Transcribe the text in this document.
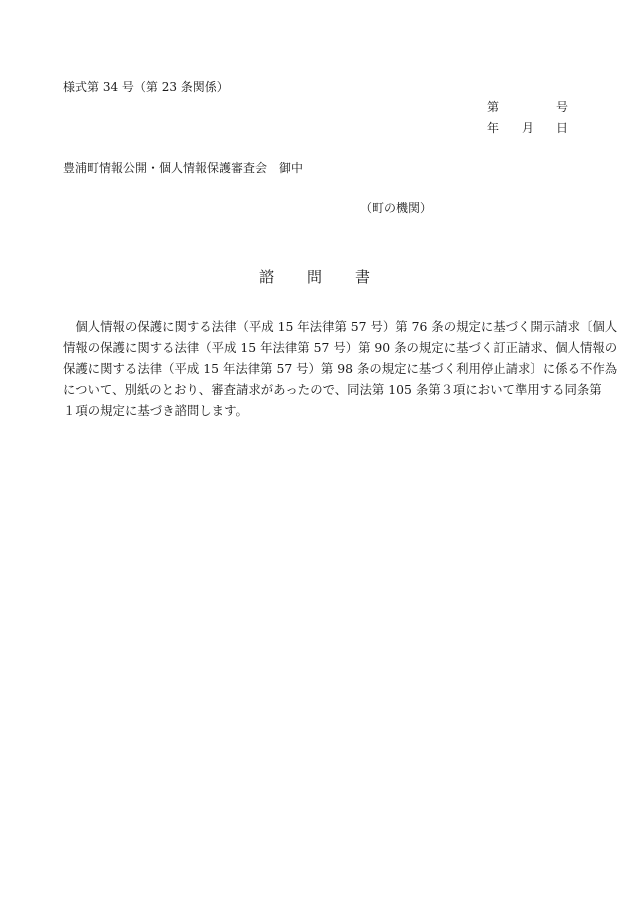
様式第 34 号（第 23 条関係）
第	号
年 月 日
豊浦町情報公開・個人情報保護審査会　御中
（町の機関）
諮　　問　　書
　個人情報の保護に関する法律（平成 15 年法律第 57 号）第 76 条の規定に基づく開示請求〔個人
情報の保護に関する法律（平成 15 年法律第 57 号）第 90 条の規定に基づく訂正請求、個人情報の
保護に関する法律（平成 15 年法律第 57 号）第 98 条の規定に基づく利用停止請求〕に係る不作為
について、別紙のとおり、審査請求があったので、同法第 105 条第３項において準用する同条第
１項の規定に基づき諮問します。
